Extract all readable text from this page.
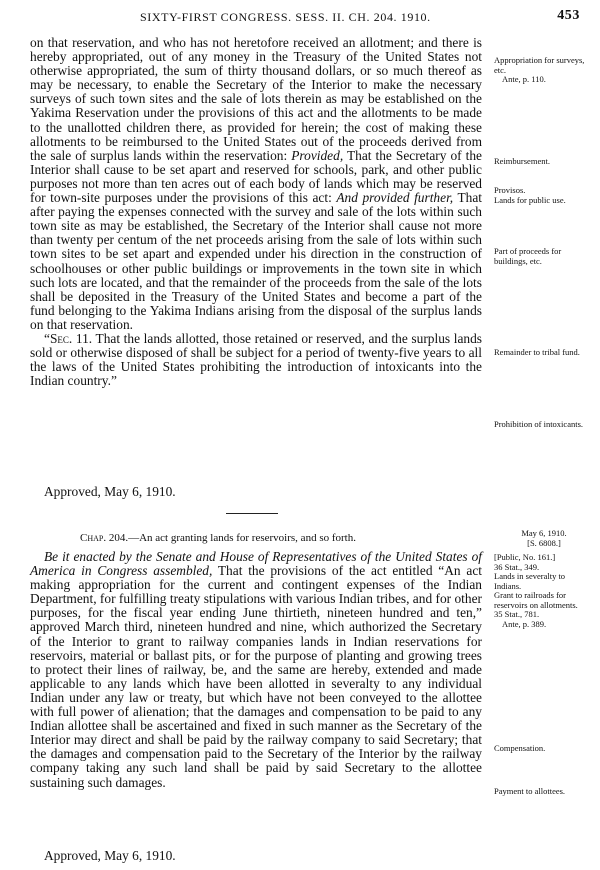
SIXTY-FIRST CONGRESS. SESS. II. CH. 204. 1910.	453

on that reservation, and who has not heretofore received an allotment; and there is hereby appropriated, out of any money in the Treasury of the United States not otherwise appropriated, the sum of thirty thousand dollars, or so much thereof as may be necessary, to enable the Secretary of the Interior to make the necessary surveys of such town sites and the sale of lots therein as may be established on the Yakima Reservation under the provisions of this act and the allotments to be made to the unallotted children there, as provided for herein; the cost of making these allotments to be reimbursed to the United States out of the proceeds derived from the sale of surplus lands within the reservation: Provided, That the Secretary of the Interior shall cause to be set apart and reserved for schools, park, and other public purposes not more than ten acres out of each body of lands which may be reserved for town-site purposes under the provisions of this act: And provided further, That after paying the expenses connected with the survey and sale of the lots within such town site as may be established, the Secretary of the Interior shall cause not more than twenty per centum of the net proceeds arising from the sale of lots within such town sites to be set apart and expended under his direction in the construction of schoolhouses or other public buildings or improvements in the town site in which such lots are located, and that the remainder of the proceeds from the sale of the lots shall be deposited in the Treasury of the United States and become a part of the fund belonging to the Yakima Indians arising from the disposal of the surplus lands on that reservation.

“Sec. 11. That the lands allotted, those retained or reserved, and the surplus lands sold or otherwise disposed of shall be subject for a period of twenty-five years to all the laws of the United States prohibiting the introduction of intoxicants into the Indian country.”

Approved, May 6, 1910.
Appropriation for surveys, etc.
Ante, p. 110.
Reimbursement.
Provisos.
Lands for public use.
Part of proceeds for buildings, etc.
Remainder to tribal fund.
Prohibition of intoxicants.
Chap. 204.—An act granting lands for reservoirs, and so forth.	May 6, 1910.
[S. 6808.]

Be it enacted by the Senate and House of Representatives of the United States of America in Congress assembled, That the provisions of the act entitled “An act making appropriation for the current and contingent expenses of the Indian Department, for fulfilling treaty stipulations with various Indian tribes, and for other purposes, for the fiscal year ending June thirtieth, nineteen hundred and ten,” approved March third, nineteen hundred and nine, which authorized the Secretary of the Interior to grant to railway companies lands in Indian reservations for reservoirs, material or ballast pits, or for the purpose of planting and growing trees to protect their lines of railway, be, and the same are hereby, extended and made applicable to any lands which have been allotted in severalty to any individual Indian under any law or treaty, but which have not been conveyed to the allottee with full power of alienation; that the damages and compensation to be paid to any Indian allottee shall be ascertained and fixed in such manner as the Secretary of the Interior may direct and shall be paid by the railway company to said Secretary; that the damages and compensation paid to the Secretary of the Interior by the railway company taking any such land shall be paid by said Secretary to the allottee sustaining such damages.

Approved, May 6, 1910.
[Public, No. 161.]
36 Stat., 349.
Lands in severalty to Indians.
Grant to railroads for reservoirs on allotments.
35 Stat., 781.
Ante, p. 389.
Compensation.
Payment to allottees.
